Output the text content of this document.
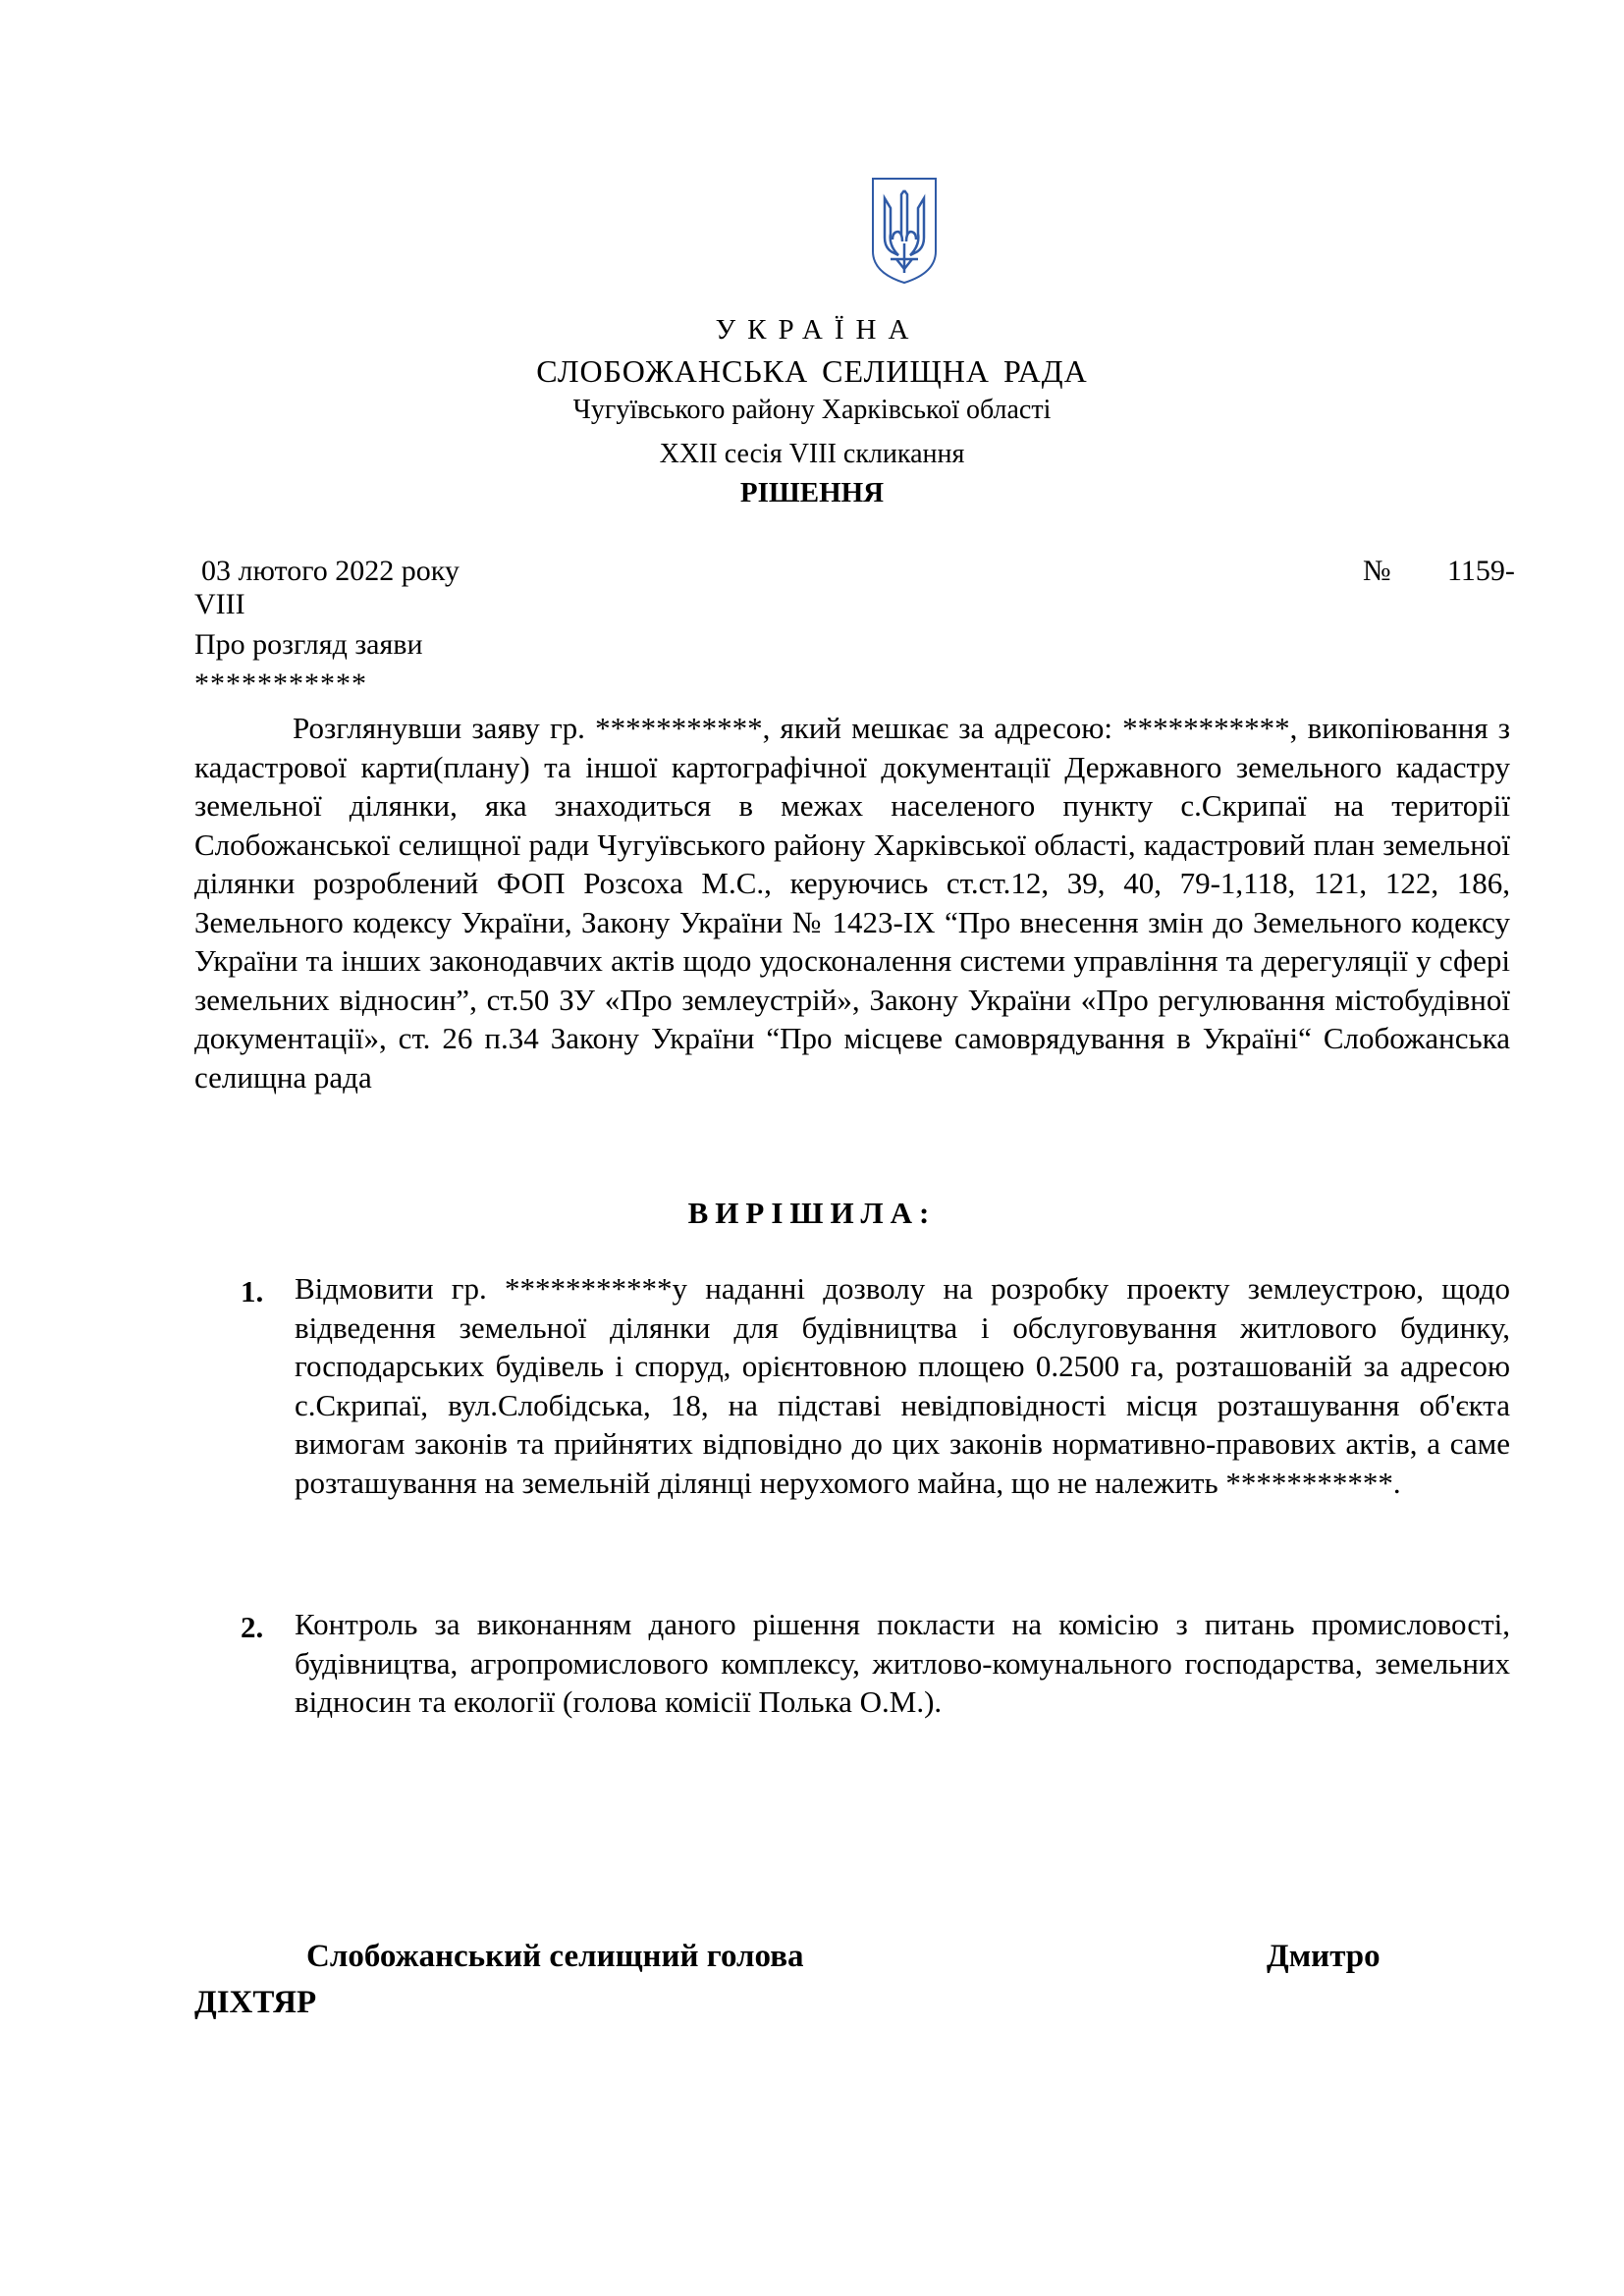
УКРАЇНА
СЛОБОЖАНСЬКА СЕЛИЩНА РАДА
Чугуївського району Харківської області
XXII сесія VIII скликання
РІШЕННЯ
03 лютого 2022 року	№ 1159-
VIII
Про розгляд заяви
***********
Розглянувши заяву гр. ***********, який мешкає за адресою: ***********, викопіювання з кадастрової карти(плану) та іншої картографічної документації Державного земельного кадастру земельної ділянки, яка знаходиться в межах населеного пункту с.Скрипаї на території Слобожанської селищної ради Чугуївського району Харківської області, кадастровий план земельної ділянки розроблений ФОП Розсоха М.С., керуючись ст.ст.12, 39, 40, 79-1,118, 121, 122, 186, Земельного кодексу України, Закону України № 1423-IX “Про внесення змін до Земельного кодексу України та інших законодавчих актів щодо удосконалення системи управління та дерегуляції у сфері земельних відносин”, ст.50 ЗУ «Про землеустрій», Закону України «Про регулювання містобудівної документації», ст. 26 п.34 Закону України “Про місцеве самоврядування в Україні“ Слобожанська селищна рада
ВИРІШИЛА:
1. Відмовити гр. ***********у наданні дозволу на розробку проекту землеустрою, щодо відведення земельної ділянки для будівництва і обслуговування житлового будинку, господарських будівель і споруд, орієнтовною площею 0.2500 га, розташованій за адресою с.Скрипаї, вул.Слобідська, 18, на підставі невідповідності місця розташування об'єкта вимогам законів та прийнятих відповідно до цих законів нормативно-правових актів, а саме розташування на земельній ділянці нерухомого майна, що не належить ***********.
2. Контроль за виконанням даного рішення покласти на комісію з питань промисловості, будівництва, агропромислового комплексу, житлово-комунального господарства, земельних відносин та екології (голова комісії Полька О.М.).
Слобожанський селищний голова	Дмитро
ДІХТЯР
